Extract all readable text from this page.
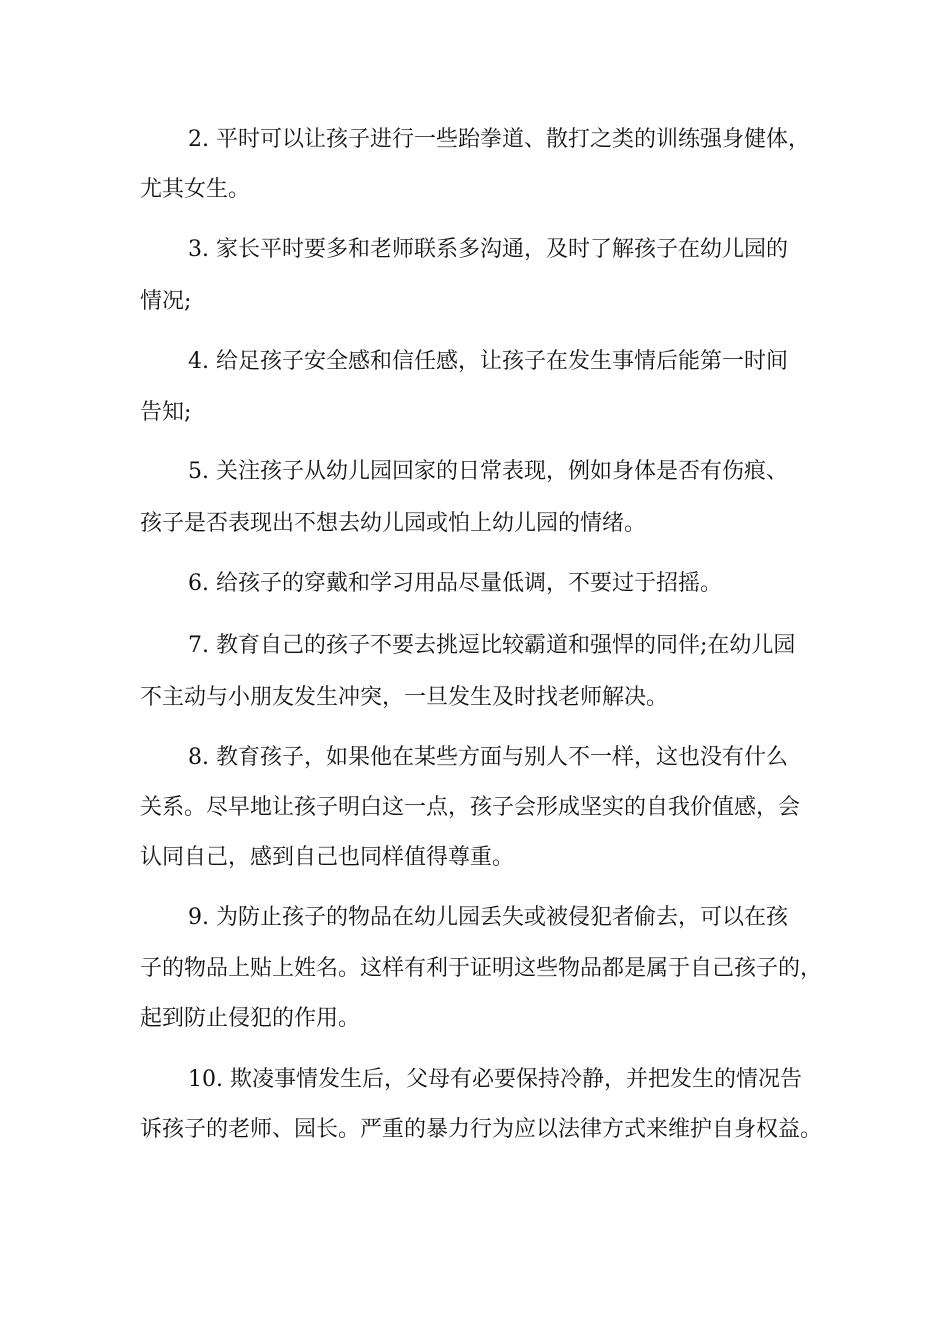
2. 平时可以让孩子进行一些跆拳道、散打之类的训练强身健体，
尤其女生。
3. 家长平时要多和老师联系多沟通，及时了解孩子在幼儿园的
情况;
4. 给足孩子安全感和信任感，让孩子在发生事情后能第一时间
告知;
5. 关注孩子从幼儿园回家的日常表现，例如身体是否有伤痕、
孩子是否表现出不想去幼儿园或怕上幼儿园的情绪。
6. 给孩子的穿戴和学习用品尽量低调，不要过于招摇。
7. 教育自己的孩子不要去挑逗比较霸道和强悍的同伴;在幼儿园
不主动与小朋友发生冲突，一旦发生及时找老师解决。
8. 教育孩子，如果他在某些方面与别人不一样，这也没有什么
关系。尽早地让孩子明白这一点，孩子会形成坚实的自我价值感，会
认同自己，感到自己也同样值得尊重。
9. 为防止孩子的物品在幼儿园丢失或被侵犯者偷去，可以在孩
子的物品上贴上姓名。这样有利于证明这些物品都是属于自己孩子的，
起到防止侵犯的作用。
10. 欺凌事情发生后，父母有必要保持冷静，并把发生的情况告
诉孩子的老师、园长。严重的暴力行为应以法律方式来维护自身权益。
